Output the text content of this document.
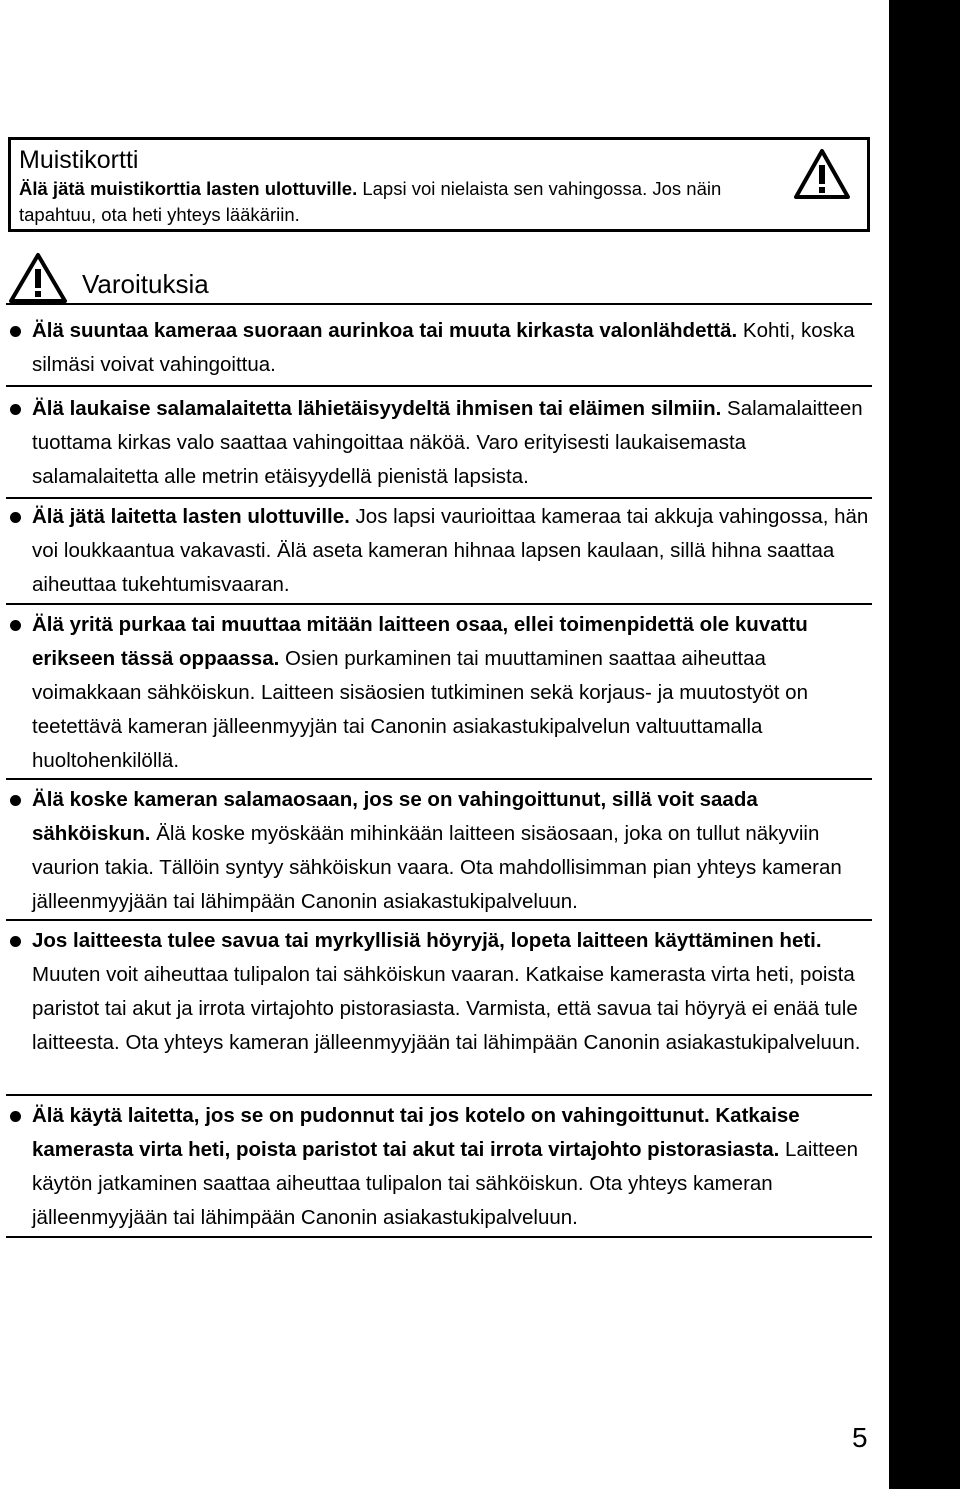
Muistikortti
Älä jätä muistikorttia lasten ulottuville. Lapsi voi nielaista sen vahingossa. Jos näin tapahtuu, ota heti yhteys lääkäriin.
Varoituksia
Älä suuntaa kameraa suoraan aurinkoa tai muuta kirkasta valonlähdettä. Kohti, koska silmäsi voivat vahingoittua.
Älä laukaise salamalaitetta lähietäisyydeltä ihmisen tai eläimen silmiin. Salamalaitteen tuottama kirkas valo saattaa vahingoittaa näköä. Varo erityisesti laukaisemasta salamalaitetta alle metrin etäisyydellä pienistä lapsista.
Älä jätä laitetta lasten ulottuville. Jos lapsi vaurioittaa kameraa tai akkuja vahingossa, hän voi loukkaantua vakavasti. Älä aseta kameran hihnaa lapsen kaulaan, sillä hihna saattaa aiheuttaa tukehtumisvaaran.
Älä yritä purkaa tai muuttaa mitään laitteen osaa, ellei toimenpidettä ole kuvattu erikseen tässä oppaassa. Osien purkaminen tai muuttaminen saattaa aiheuttaa voimakkaan sähköiskun. Laitteen sisäosien tutkiminen sekä korjaus- ja muutostyöt on teetettävä kameran jälleenmyyjän tai Canonin asiakastukipalvelun valtuuttamalla huoltohenkilöllä.
Älä koske kameran salamaosaan, jos se on vahingoittunut, sillä voit saada sähköiskun. Älä koske myöskään mihinkään laitteen sisäosaan, joka on tullut näkyviin vaurion takia. Tällöin syntyy sähköiskun vaara. Ota mahdollisimman pian yhteys kameran jälleenmyyjään tai lähimpään Canonin asiakastukipalveluun.
Jos laitteesta tulee savua tai myrkyllisiä höyryjä, lopeta laitteen käyttäminen heti. Muuten voit aiheuttaa tulipalon tai sähköiskun vaaran. Katkaise kamerasta virta heti, poista paristot tai akut ja irrota virtajohto pistorasiasta. Varmista, että savua tai höyryä ei enää tule laitteesta. Ota yhteys kameran jälleenmyyjään tai lähimpään Canonin asiakastukipalveluun.
Älä käytä laitetta, jos se on pudonnut tai jos kotelo on vahingoittunut. Katkaise kamerasta virta heti, poista paristot tai akut tai irrota virtajohto pistorasiasta. Laitteen käytön jatkaminen saattaa aiheuttaa tulipalon tai sähköiskun. Ota yhteys kameran jälleenmyyjään tai lähimpään Canonin asiakastukipalveluun.
5
